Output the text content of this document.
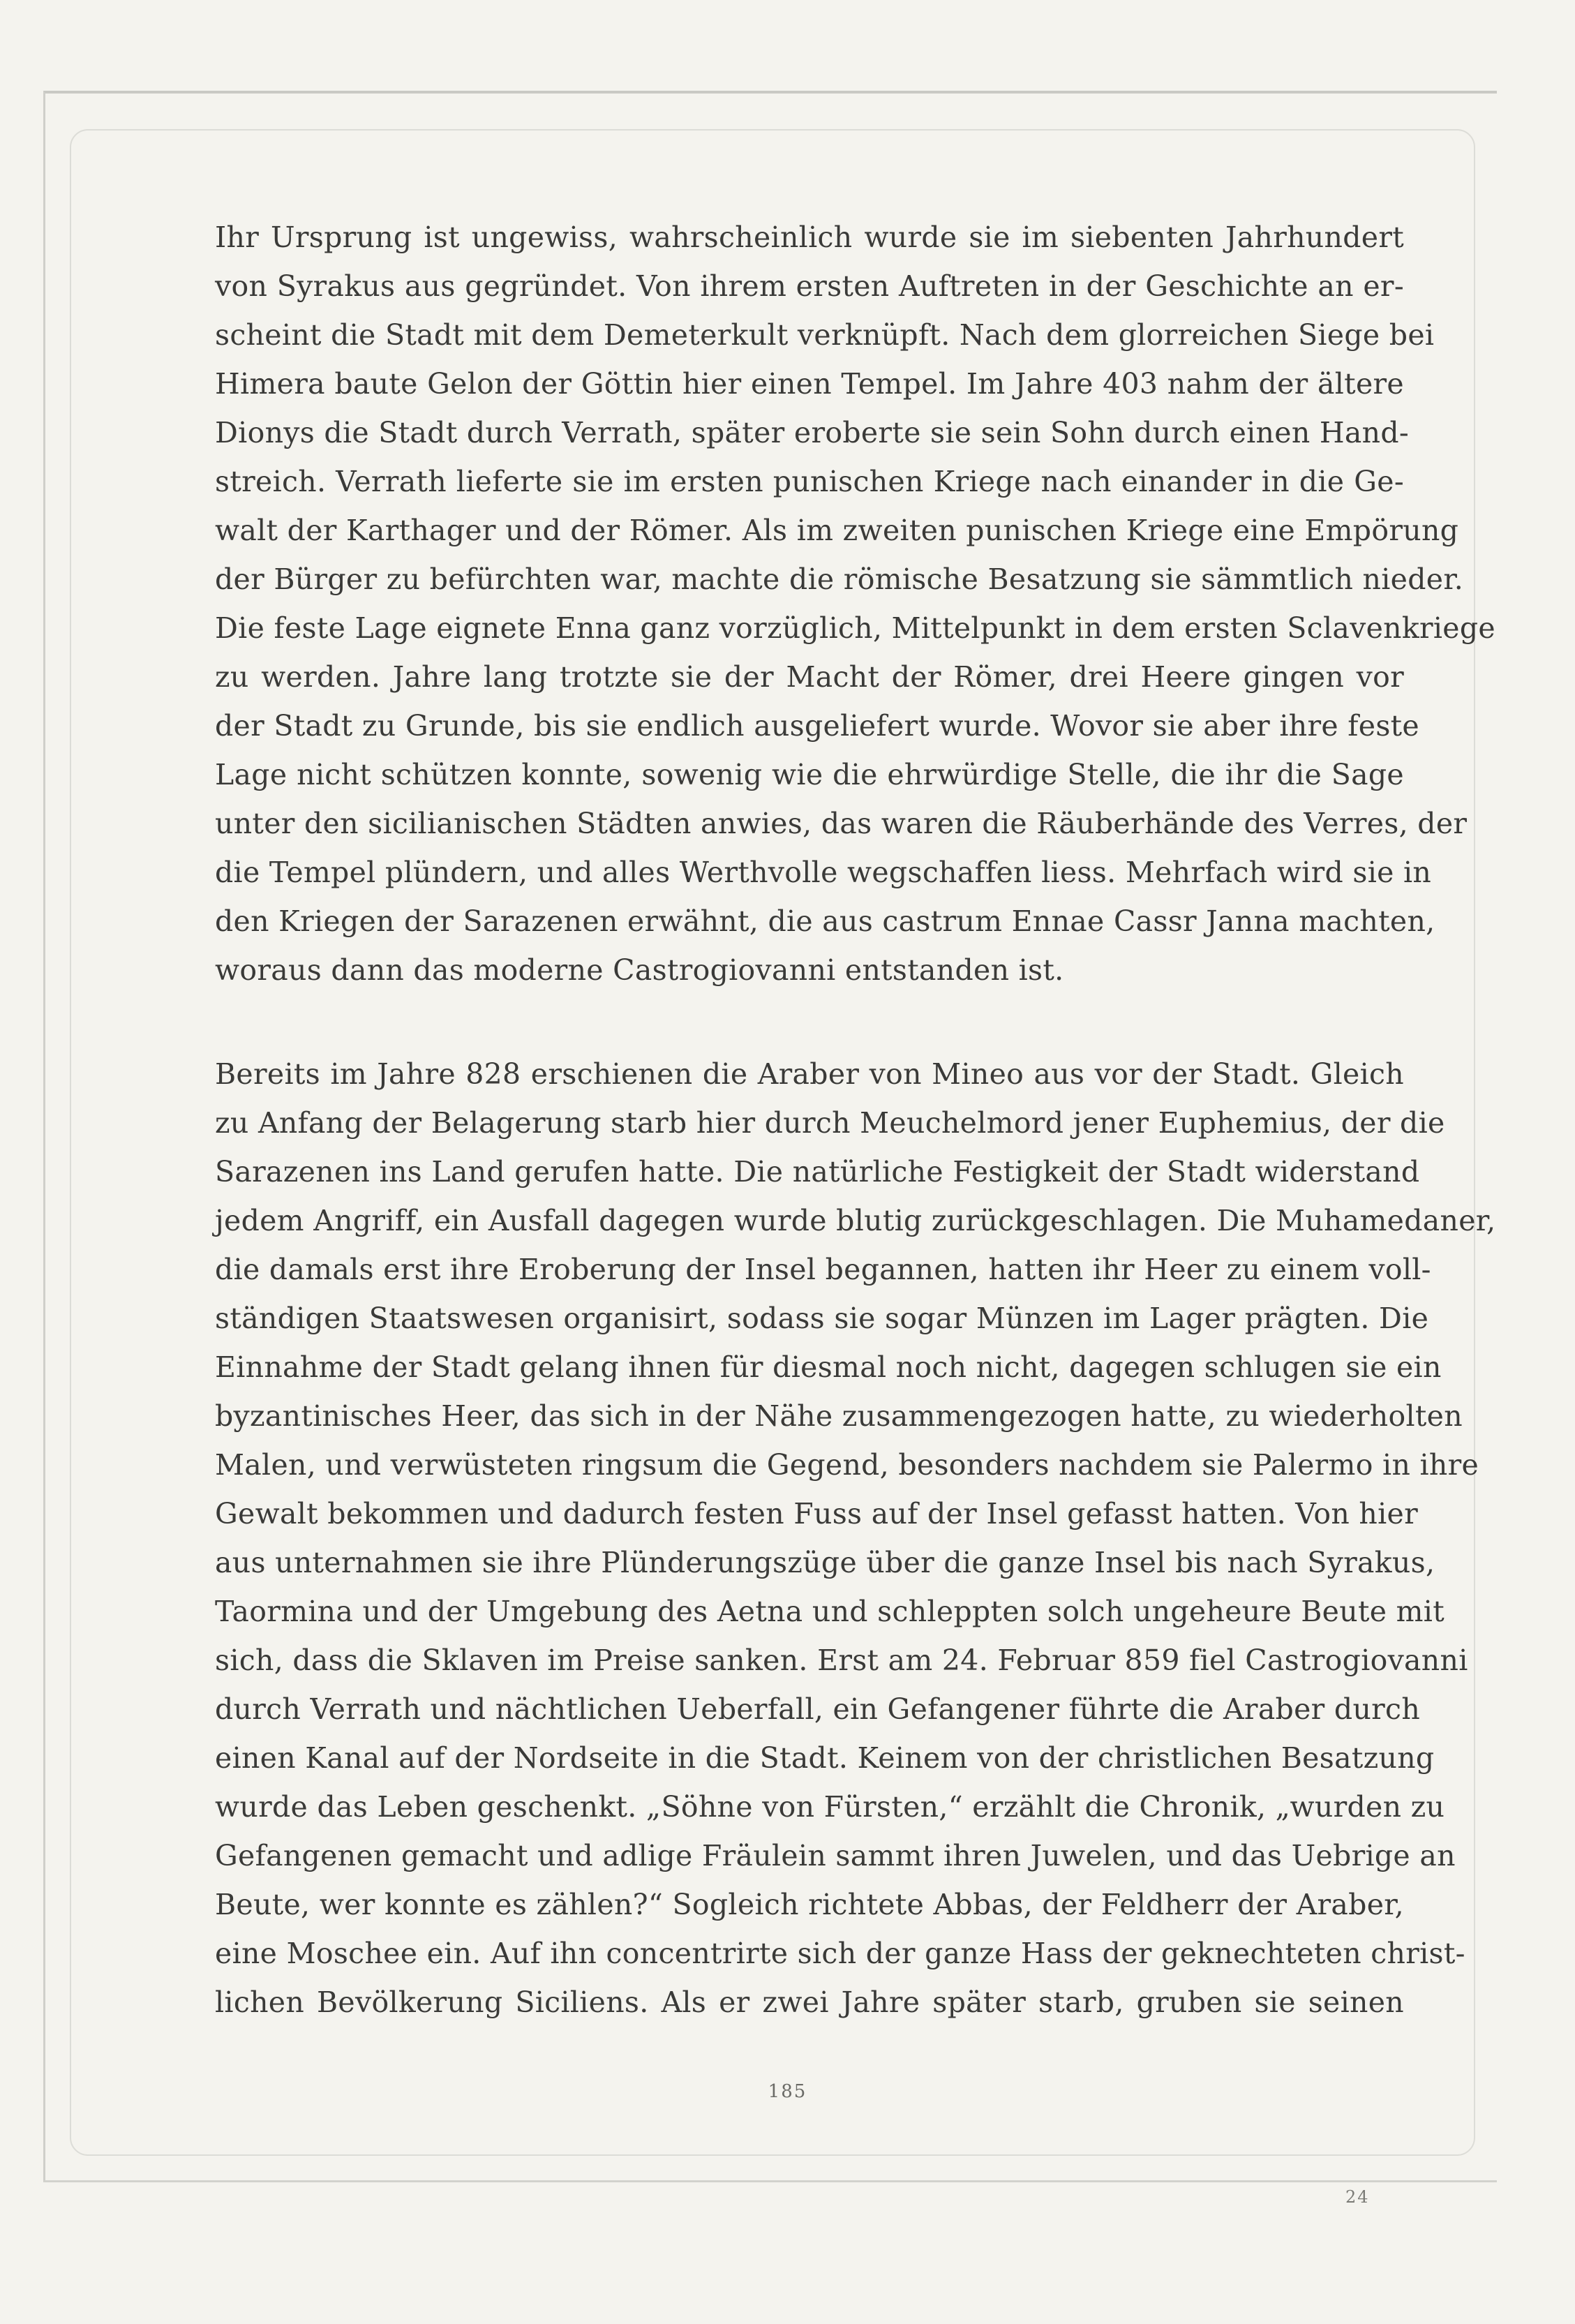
Ihr Ursprung ist ungewiss, wahrscheinlich wurde sie im siebenten Jahrhundert
von Syrakus aus gegründet. Von ihrem ersten Auftreten in der Geschichte an er-
scheint die Stadt mit dem Demeterkult verknüpft. Nach dem glorreichen Siege bei
Himera baute Gelon der Göttin hier einen Tempel. Im Jahre 403 nahm der ältere
Dionys die Stadt durch Verrath, später eroberte sie sein Sohn durch einen Hand-
streich. Verrath lieferte sie im ersten punischen Kriege nach einander in die Ge-
walt der Karthager und der Römer. Als im zweiten punischen Kriege eine Empörung
der Bürger zu befürchten war, machte die römische Besatzung sie sämmtlich nieder.
Die feste Lage eignete Enna ganz vorzüglich, Mittelpunkt in dem ersten Sclavenkriege
zu werden. Jahre lang trotzte sie der Macht der Römer, drei Heere gingen vor
der Stadt zu Grunde, bis sie endlich ausgeliefert wurde. Wovor sie aber ihre feste
Lage nicht schützen konnte, sowenig wie die ehrwürdige Stelle, die ihr die Sage
unter den sicilianischen Städten anwies, das waren die Räuberhände des Verres, der
die Tempel plündern, und alles Werthvolle wegschaffen liess. Mehrfach wird sie in
den Kriegen der Sarazenen erwähnt, die aus castrum Ennae Cassr Janna machten,
woraus dann das moderne Castrogiovanni entstanden ist.
Bereits im Jahre 828 erschienen die Araber von Mineo aus vor der Stadt. Gleich
zu Anfang der Belagerung starb hier durch Meuchelmord jener Euphemius, der die
Sarazenen ins Land gerufen hatte. Die natürliche Festigkeit der Stadt widerstand
jedem Angriff, ein Ausfall dagegen wurde blutig zurückgeschlagen. Die Muhamedaner,
die damals erst ihre Eroberung der Insel begannen, hatten ihr Heer zu einem voll-
ständigen Staatswesen organisirt, sodass sie sogar Münzen im Lager prägten. Die
Einnahme der Stadt gelang ihnen für diesmal noch nicht, dagegen schlugen sie ein
byzantinisches Heer, das sich in der Nähe zusammengezogen hatte, zu wiederholten
Malen, und verwüsteten ringsum die Gegend, besonders nachdem sie Palermo in ihre
Gewalt bekommen und dadurch festen Fuss auf der Insel gefasst hatten. Von hier
aus unternahmen sie ihre Plünderungszüge über die ganze Insel bis nach Syrakus,
Taormina und der Umgebung des Aetna und schleppten solch ungeheure Beute mit
sich, dass die Sklaven im Preise sanken. Erst am 24. Februar 859 fiel Castrogiovanni
durch Verrath und nächtlichen Ueberfall, ein Gefangener führte die Araber durch
einen Kanal auf der Nordseite in die Stadt. Keinem von der christlichen Besatzung
wurde das Leben geschenkt. „Söhne von Fürsten,“ erzählt die Chronik, „wurden zu
Gefangenen gemacht und adlige Fräulein sammt ihren Juwelen, und das Uebrige an
Beute, wer konnte es zählen?“ Sogleich richtete Abbas, der Feldherr der Araber,
eine Moschee ein. Auf ihn concentrirte sich der ganze Hass der geknechteten christ-
lichen Bevölkerung Siciliens. Als er zwei Jahre später starb, gruben sie seinen
185
24
